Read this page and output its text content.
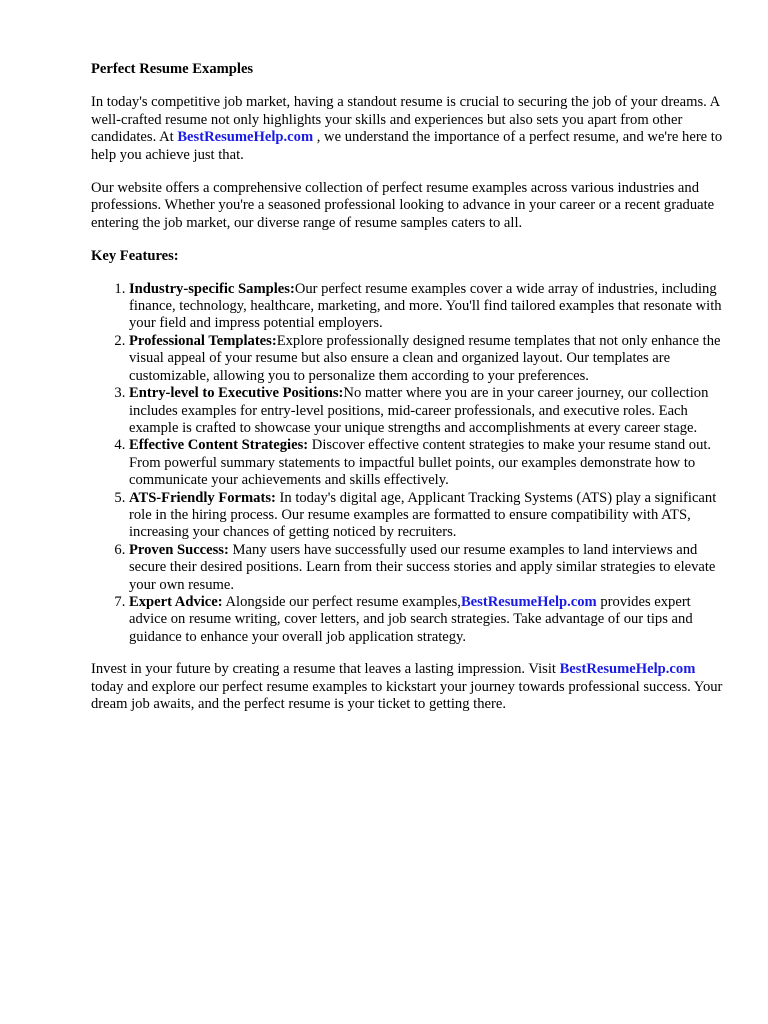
Perfect Resume Examples

In today's competitive job market, having a standout resume is crucial to securing the job of your dreams. A well-crafted resume not only highlights your skills and experiences but also sets you apart from other candidates. At BestResumeHelp.com , we understand the importance of a perfect resume, and we're here to help you achieve just that.

Our website offers a comprehensive collection of perfect resume examples across various industries and professions. Whether you're a seasoned professional looking to advance in your career or a recent graduate entering the job market, our diverse range of resume samples caters to all.

Key Features:
1. Industry-specific Samples:Our perfect resume examples cover a wide array of industries, including finance, technology, healthcare, marketing, and more. You'll find tailored examples that resonate with your field and impress potential employers.
2. Professional Templates:Explore professionally designed resume templates that not only enhance the visual appeal of your resume but also ensure a clean and organized layout. Our templates are customizable, allowing you to personalize them according to your preferences.
3. Entry-level to Executive Positions:No matter where you are in your career journey, our collection includes examples for entry-level positions, mid-career professionals, and executive roles. Each example is crafted to showcase your unique strengths and accomplishments at every career stage.
4. Effective Content Strategies: Discover effective content strategies to make your resume stand out. From powerful summary statements to impactful bullet points, our examples demonstrate how to communicate your achievements and skills effectively.
5. ATS-Friendly Formats: In today's digital age, Applicant Tracking Systems (ATS) play a significant role in the hiring process. Our resume examples are formatted to ensure compatibility with ATS, increasing your chances of getting noticed by recruiters.
6. Proven Success: Many users have successfully used our resume examples to land interviews and secure their desired positions. Learn from their success stories and apply similar strategies to elevate your own resume.
7. Expert Advice: Alongside our perfect resume examples,BestResumeHelp.com provides expert advice on resume writing, cover letters, and job search strategies. Take advantage of our tips and guidance to enhance your overall job application strategy.

Invest in your future by creating a resume that leaves a lasting impression. Visit BestResumeHelp.com today and explore our perfect resume examples to kickstart your journey towards professional success. Your dream job awaits, and the perfect resume is your ticket to getting there.
